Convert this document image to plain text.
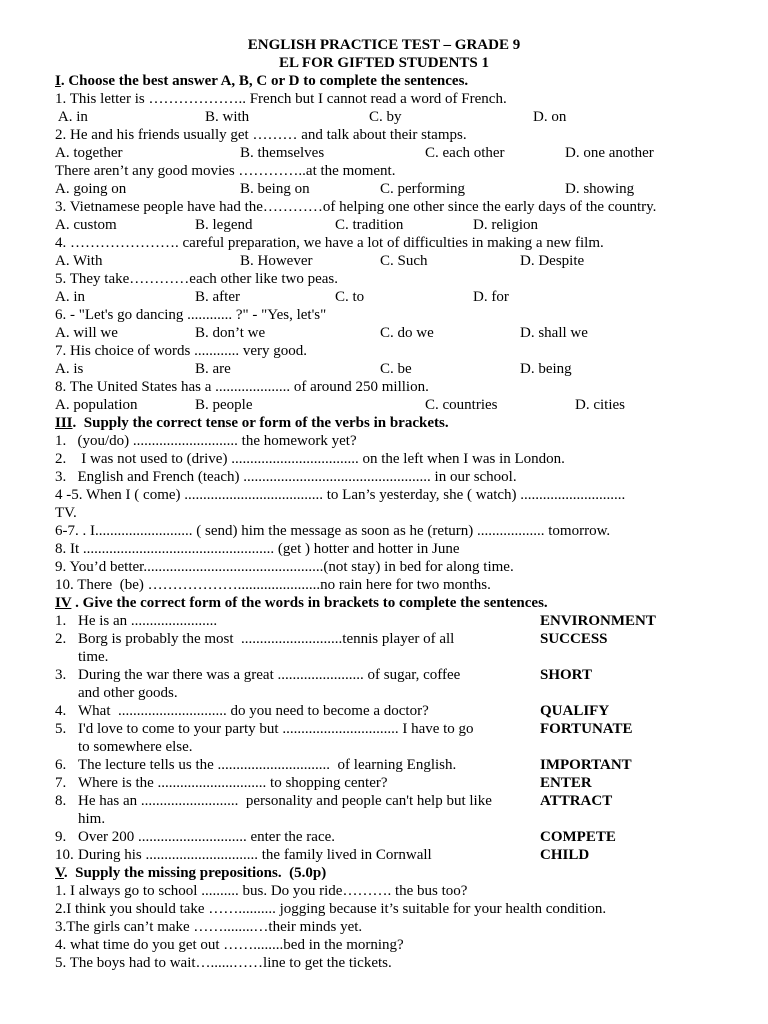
ENGLISH PRACTICE TEST – GRADE 9
EL FOR GIFTED STUDENTS 1
I. Choose the best answer A, B, C or D to complete the sentences.
1. This letter is ……………….. French but I cannot read a word of French.
A. in	B. with	C. by	D. on
2. He and his friends usually get ……… and talk about their stamps.
A. together	B. themselves	C. each other	D. one another
There aren’t any good movies …………..at the moment.
A. going on	B. being on	C. performing	D. showing
3. Vietnamese people have had the…………of helping one other since the early days of the country.
A. custom	B. legend	C. tradition	D. religion
4. …………………. careful preparation, we have a lot of difficulties in making a new film.
A. With	B. However	C. Such	D. Despite
5. They take…………each other like two peas.
A. in	B. after	C. to	D. for
6. - "Let's go dancing ............ ?" - "Yes, let's"
A. will we	B. don’t we	C. do we	D. shall we
7. His choice of words ............ very good.
A. is	B. are	C. be	D. being
8. The United States has a .................... of around 250 million.
A. population	B. people	C. countries	D. cities
III.  Supply the correct tense or form of the verbs in brackets.
1.   (you/do) ............................ the homework yet?
2.    I was not used to (drive) .................................. on the left when I was in London.
3.   English and French (teach) .................................................. in our school.
4 -5. When I ( come) ..................................... to Lan’s yesterday, she ( watch) ............................
TV.
6-7. . I.......................... ( send) him the message as soon as he (return) .................. tomorrow.
8. It ................................................... (get ) hotter and hotter in June
9. You’d better................................................(not stay) in bed for along time.
10. There  (be) ………………......................no rain here for two months.
IV . Give the correct form of the words in brackets to complete the sentences.
1. He is an .......................	ENVIRONMENT
2. Borg is probably the most  ...........................tennis player of all	SUCCESS
time.
3. During the war there was a great ....................... of sugar, coffee	SHORT
and other goods.
4. What  ............................. do you need to become a doctor?	QUALIFY
5. I'd love to come to your party but ............................... I have to go	FORTUNATE
to somewhere else.
6. The lecture tells us the ..............................  of learning English.	IMPORTANT
7. Where is the ............................. to shopping center?	ENTER
8. He has an ..........................  personality and people can't help but like	ATTRACT
him.
9. Over 200 ............................. enter the race.	COMPETE
10. During his .............................. the family lived in Cornwall	CHILD
V.  Supply the missing prepositions.  (5.0p)
1. I always go to school .......... bus. Do you ride………. the bus too?
2.I think you should take …….......... jogging because it’s suitable for your health condition.
3.The girls can’t make ……........…their minds yet.
4. what time do you get out ……........bed in the morning?
5. The boys had to wait…......……line to get the tickets.
